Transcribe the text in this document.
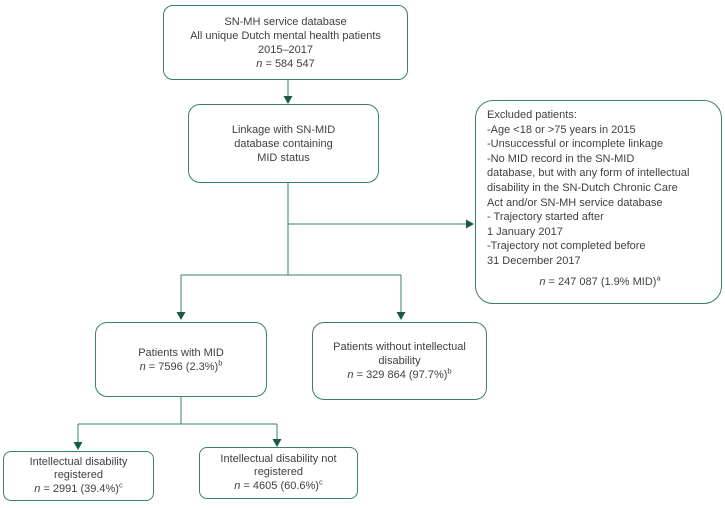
SN-MH service database
All unique Dutch mental health patients
2015–2017
n = 584 547
Linkage with SN-MID
database containing
MID status
Excluded patients:
-Age <18 or >75 years in 2015
-Unsuccessful or incomplete linkage
-No MID record in the SN-MID
database, but with any form of intellectual
disability in the SN-Dutch Chronic Care
Act and/or SN-MH service database
- Trajectory started after
1 January 2017
-Trajectory not completed before
31 December 2017
n = 247 087 (1.9% MID)$^a$
Patients with MID
n = 7596 $(2.3\%)^b$
Patients without intellectual
disability
n = 329 864 $(97.7\%)^b$
Intellectual disability
registered
n = 2991 $(39.4\%)^c$
Intellectual disability not
registered
n = 4605 $(60.6\%)^c$
